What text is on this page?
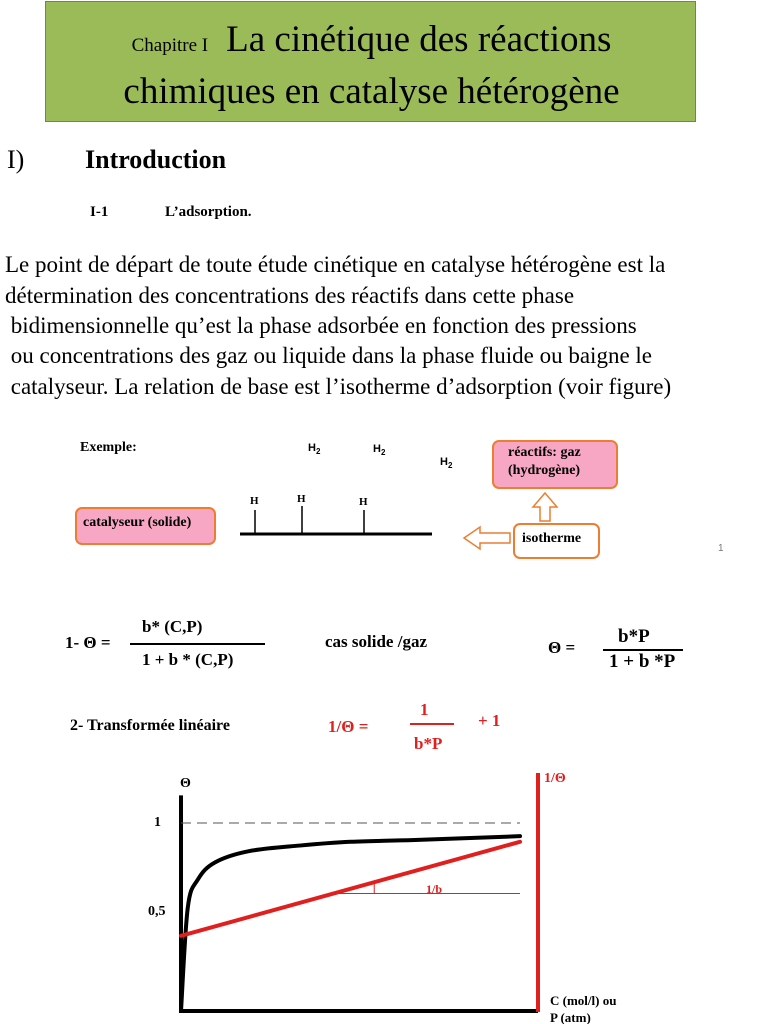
Chapitre I La cinétique des réactions
chimiques en catalyse hétérogène
I) Introduction
I-1	L’adsorption.
Le point de départ de toute étude cinétique en catalyse hétérogène est la
détermination des concentrations des réactifs dans cette phase
bidimensionnelle qu’est la phase adsorbée en fonction des pressions
ou concentrations des gaz ou liquide dans la phase fluide ou baigne le
catalyseur. La relation de base est l’isotherme d’adsorption (voir figure)
Exemple:	$H_2$	$H_2$
$H_2$
H	H	H
catalyseur (solide)
réactifs: gaz
(hydrogène)
isotherme
1
1- Θ =
b* (C,P)
1 + b * (C,P)
cas solide /gaz	Θ =
b*P
1 + b *P
2- Transformée linéaire	1/Θ =
1
b*P
+ 1
Θ	1/Θ
1
0,5
C (mol/l) ou
P (atm)
1/b
